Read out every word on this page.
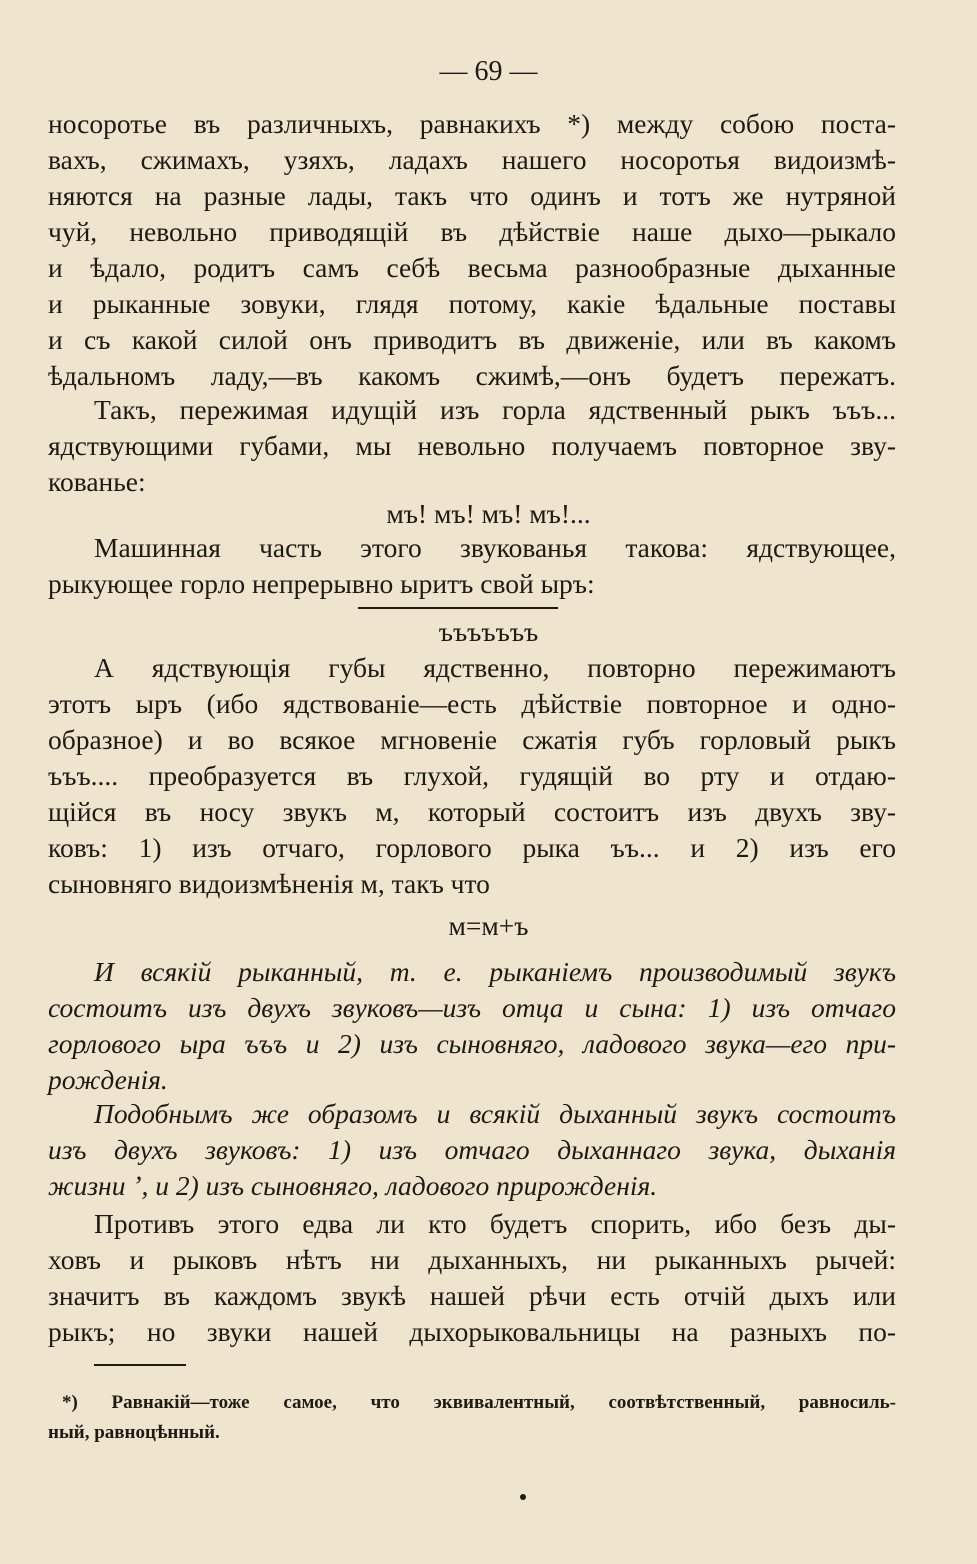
— 69 —
носоротье въ различныхъ, равнакихъ *) между собою поста-
вахъ, сжимахъ, узяхъ, ладахъ нашего носоротья видоизмѣ-
няются на разные лады, такъ что одинъ и тотъ же нутряной
чуй, невольно приводящій въ дѣйствіе наше дыхо—рыкало
и ѣдало, родитъ самъ себѣ весьма разнообразные дыханные
и рыканные зовуки, глядя потому, какіе ѣдальные поставы
и съ какой силой онъ приводитъ въ движеніе, или въ какомъ
ѣдальномъ ладу,—въ какомъ сжимѣ,—онъ будетъ пережатъ.
Такъ, пережимая идущій изъ горла ядственный рыкъ ъъъ...
ядствующими губами, мы невольно получаемъ повторное зву-
кованье:
мъ! мъ! мъ! мъ!...
Машинная часть этого звукованья такова: ядствующее,
рыкующее горло непрерывно ыритъ свой ыръ:
ъъъъъъъ
А ядствующія губы ядственно, повторно пережимаютъ
этотъ ыръ (ибо ядствованіе—есть дѣйствіе повторное и одно-
образное) и во всякое мгновеніе сжатія губъ горловый рыкъ
ъъъ.... преобразуется въ глухой, гудящій во рту и отдаю-
щійся въ носу звукъ м, который состоитъ изъ двухъ зву-
ковъ: 1) изъ отчаго, горлового рыка ъъ... и 2) изъ его
сыновняго видоизмѣненія м, такъ что
м=м+ъ
И всякій рыканный, т. е. рыканіемъ производимый звукъ
состоитъ изъ двухъ звуковъ—изъ отца и сына: 1) изъ отчаго
горлового ыра ъъъ и 2) изъ сыновняго, ладового звука—его при-
рожденія.
Подобнымъ же образомъ и всякій дыханный звукъ состоитъ
изъ двухъ звуковъ: 1) изъ отчаго дыханнаго звука, дыханія
жизни ʼ, и 2) изъ сыновняго, ладового прирожденія.
Противъ этого едва ли кто будетъ спорить, ибо безъ ды-
ховъ и рыковъ нѣтъ ни дыханныхъ, ни рыканныхъ рычей:
значитъ въ каждомъ звукѣ нашей рѣчи есть отчій дыхъ или
рыкъ; но звуки нашей дыхорыковальницы на разныхъ по-
*) Равнакій—тоже самое, что эквивалентный, соотвѣтственный, равносиль-
ный, равноцѣнный.
